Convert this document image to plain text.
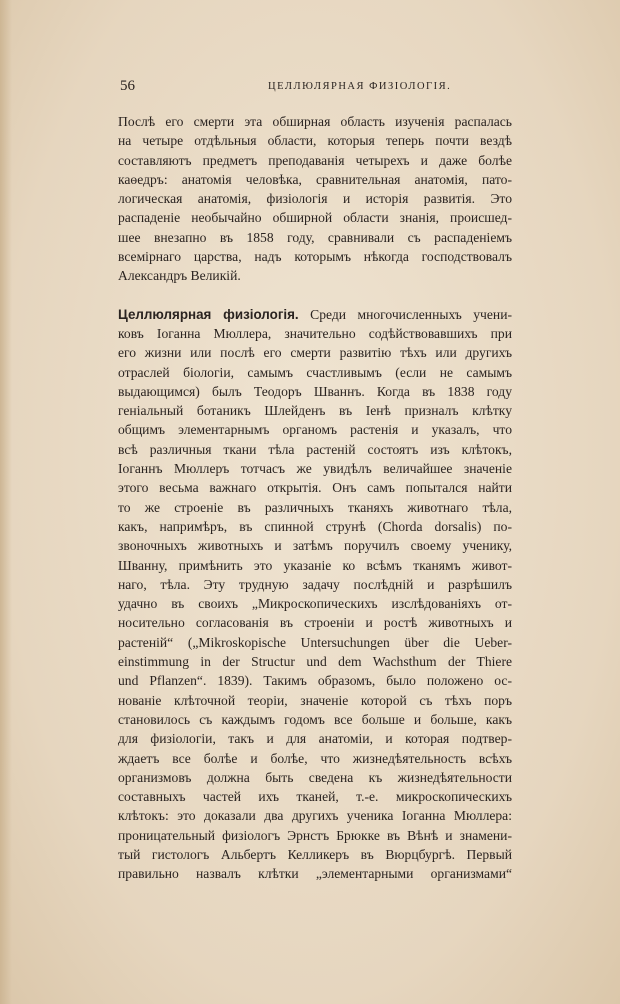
56	ЦЕЛЛЮЛЯРНАЯ ФИЗIОЛОГIЯ.
Послѣ его смерти эта обширная область изученiя распалась
на четыре отдѣльныя области, которыя теперь почти вездѣ
составляютъ предметъ преподаванiя четырехъ и даже болѣе
каѳедръ: анатомiя человѣка, сравнительная анатомiя, пато-
логическая анатомiя, физiологiя и исторiя развитiя. Это
распаденiе необычайно обширной области знанiя, происшед-
шее внезапно въ 1858 году, сравнивали съ распаденiемъ
всемiрнаго царства, надъ которымъ нѣкогда господствовалъ
Александръ Великiй.
Целлюлярная физiологiя. Среди многочисленныхъ учени-
ковъ Iоганна Мюллера, значительно содѣйствовавшихъ при
его жизни или послѣ его смерти развитiю тѣхъ или другихъ
отраслей бiологiи, самымъ счастливымъ (если не самымъ
выдающимся) былъ Теодоръ Шваннъ. Когда въ 1838 году
генiальный ботаникъ Шлейденъ въ Iенѣ призналъ клѣтку
общимъ элементарнымъ органомъ растенiя и указалъ, что
всѣ различныя ткани тѣла растенiй состоятъ изъ клѣтокъ,
Iоганнъ Мюллеръ тотчасъ же увидѣлъ величайшее значенiе
этого весьма важнаго открытiя. Онъ самъ попытался найти
то же строенiе въ различныхъ тканяхъ животнаго тѣла,
какъ, напримѣръ, въ спинной струнѣ (Chorda dorsalis) по-
звоночныхъ животныхъ и затѣмъ поручилъ своему ученику,
Шванну, примѣнить это указанiе ко всѣмъ тканямъ живот-
наго, тѣла. Эту трудную задачу послѣднiй и разрѣшилъ
удачно въ своихъ „Микроскопическихъ изслѣдованiяхъ от-
носительно согласованiя въ строенiи и ростѣ животныхъ и
растенiй“ („Mikroskopische Untersuchungen über die Ueber-
einstimmung in der Structur und dem Wachsthum der Thiere
und Pflanzen“. 1839). Такимъ образомъ, было положено ос-
нованiе клѣточной теорiи, значенiе которой съ тѣхъ поръ
становилось съ каждымъ годомъ все больше и больше, какъ
для физiологiи, такъ и для анатомiи, и которая подтвер-
ждаетъ все болѣе и болѣе, что жизнедѣятельность всѣхъ
организмовъ должна быть сведена къ жизнедѣятельности
составныхъ частей ихъ тканей, т.-е. микроскопическихъ
клѣтокъ: это доказали два другихъ ученика Iоганна Мюллера:
проницательный физiологъ Эрнстъ Брюкке въ Вѣнѣ и знамени-
тый гистологъ Альбертъ Келликеръ въ Вюрцбургѣ. Первый
правильно назвалъ клѣтки „элементарными организмами“
